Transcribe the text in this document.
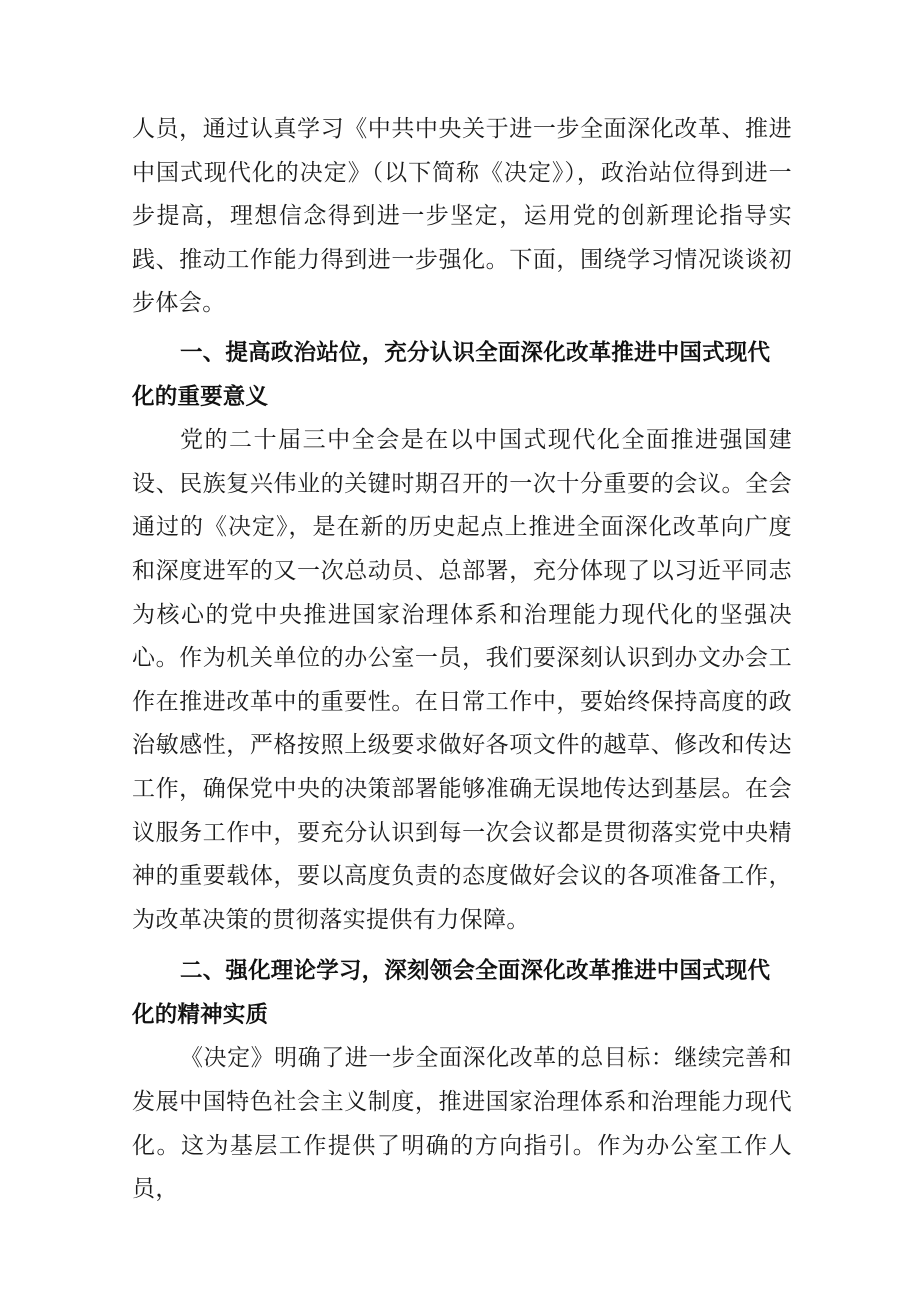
人员，通过认真学习《中共中央关于进一步全面深化改革、推进中国式现代化的决定》（以下简称《决定》），政治站位得到进一步提高，理想信念得到进一步坚定，运用党的创新理论指导实践、推动工作能力得到进一步强化。下面，围绕学习情况谈谈初步体会。

一、提高政治站位，充分认识全面深化改革推进中国式现代化的重要意义

党的二十届三中全会是在以中国式现代化全面推进强国建设、民族复兴伟业的关键时期召开的一次十分重要的会议。全会通过的《决定》，是在新的历史起点上推进全面深化改革向广度和深度进军的又一次总动员、总部署，充分体现了以习近平同志为核心的党中央推进国家治理体系和治理能力现代化的坚强决心。作为机关单位的办公室一员，我们要深刻认识到办文办会工作在推进改革中的重要性。在日常工作中，要始终保持高度的政治敏感性，严格按照上级要求做好各项文件的越草、修改和传达工作，确保党中央的决策部署能够准确无误地传达到基层。在会议服务工作中，要充分认识到每一次会议都是贯彻落实党中央精神的重要载体，要以高度负责的态度做好会议的各项准备工作，为改革决策的贯彻落实提供有力保障。

二、强化理论学习，深刻领会全面深化改革推进中国式现代化的精神实质

《决定》明确了进一步全面深化改革的总目标：继续完善和发展中国特色社会主义制度，推进国家治理体系和治理能力现代化。这为基层工作提供了明确的方向指引。作为办公室工作人员，
